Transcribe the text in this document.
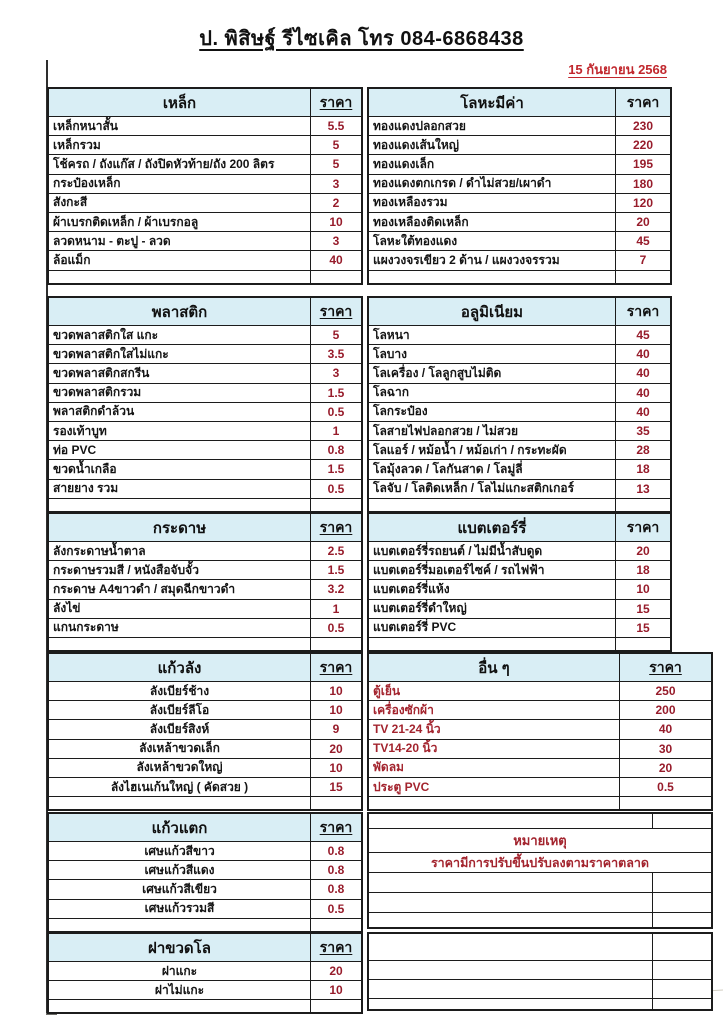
ป. พิสิษฐ์ รีไซเคิล โทร 084-6868438
15 กันยายน 2568
เหล็ก	ราคา
เหล็กหนาสั้น	5.5
เหล็กรวม	5
โช้ครถ / ถังแก๊ส / ถังปิดหัวท้าย/ถัง 200 ลิตร	5
กระป๋องเหล็ก	3
สังกะสี	2
ผ้าเบรกติดเหล็ก / ผ้าเบรกอลู	10
ลวดหนาม - ตะปู - ลวด	3
ล้อแม็ก	40
โลหะมีค่า	ราคา
ทองแดงปลอกสวย	230
ทองแดงเส้นใหญ่	220
ทองแดงเล็ก	195
ทองแดงตกเกรด / ดำไม่สวย/เผาดำ	180
ทองเหลืองรวม	120
ทองเหลืองติดเหล็ก	20
โลหะใต้ทองแดง	45
แผงวงจรเขียว 2 ด้าน / แผงวงจรรวม	7
พลาสติก	ราคา
ขวดพลาสติกใส แกะ	5
ขวดพลาสติกใสไม่แกะ	3.5
ขวดพลาสติกสกรีน	3
ขวดพลาสติกรวม	1.5
พลาสติกดำล้วน	0.5
รองเท้าบูท	1
ท่อ PVC	0.8
ขวดน้ำเกลือ	1.5
สายยาง รวม	0.5
อลูมิเนียม	ราคา
โลหนา	45
โลบาง	40
โลเครื่อง / โลลูกสูบไม่ติด	40
โลฉาก	40
โลกระป๋อง	40
โลสายไฟปลอกสวย / ไม่สวย	35
โลแอร์ / หม้อน้ำ / หม้อเก่า / กระทะผัด	28
โลมุ้งลวด / โลกันสาด / โลมู่ลี่	18
โลจับ / โลติดเหล็ก / โลไม่แกะสติกเกอร์	13
กระดาษ	ราคา
ลังกระดาษน้ำตาล	2.5
กระดาษรวมสี / หนังสือจับจั้ว	1.5
กระดาษ A4ขาวดำ / สมุดฉีกขาวดำ	3.2
ลังไข่	1
แกนกระดาษ	0.5
แบตเตอร์รี่	ราคา
แบตเตอร์รี่รถยนต์ / ไม่มีน้ำสับดูด	20
แบตเตอร์รี่มอเตอร์ไซค์ / รถไฟฟ้า	18
แบตเตอร์รี่แห้ง	10
แบตเตอร์รี่ดำใหญ่	15
แบตเตอร์รี่ PVC	15
แก้วลัง	ราคา
ลังเบียร์ช้าง	10
ลังเบียร์ลีโอ	10
ลังเบียร์สิงห์	9
ลังเหล้าขวดเล็ก	20
ลังเหล้าขวดใหญ่	10
ลังไฮเนเก้นใหญ่ ( คัดสวย )	15
อื่น ๆ	ราคา
ตู้เย็น	250
เครื่องซักผ้า	200
TV 21-24 นิ้ว	40
TV14-20 นิ้ว	30
พัดลม	20
ประตู PVC	0.5
แก้วแตก	ราคา
เศษแก้วสีขาว	0.8
เศษแก้วสีแดง	0.8
เศษแก้วสีเขียว	0.8
เศษแก้วรวมสี	0.5
หมายเหตุ
ราคามีการปรับขึ้นปรับลงตามราคาตลาด
ฝาขวดโล	ราคา
ฝาแกะ	20
ฝาไม่แกะ	10
